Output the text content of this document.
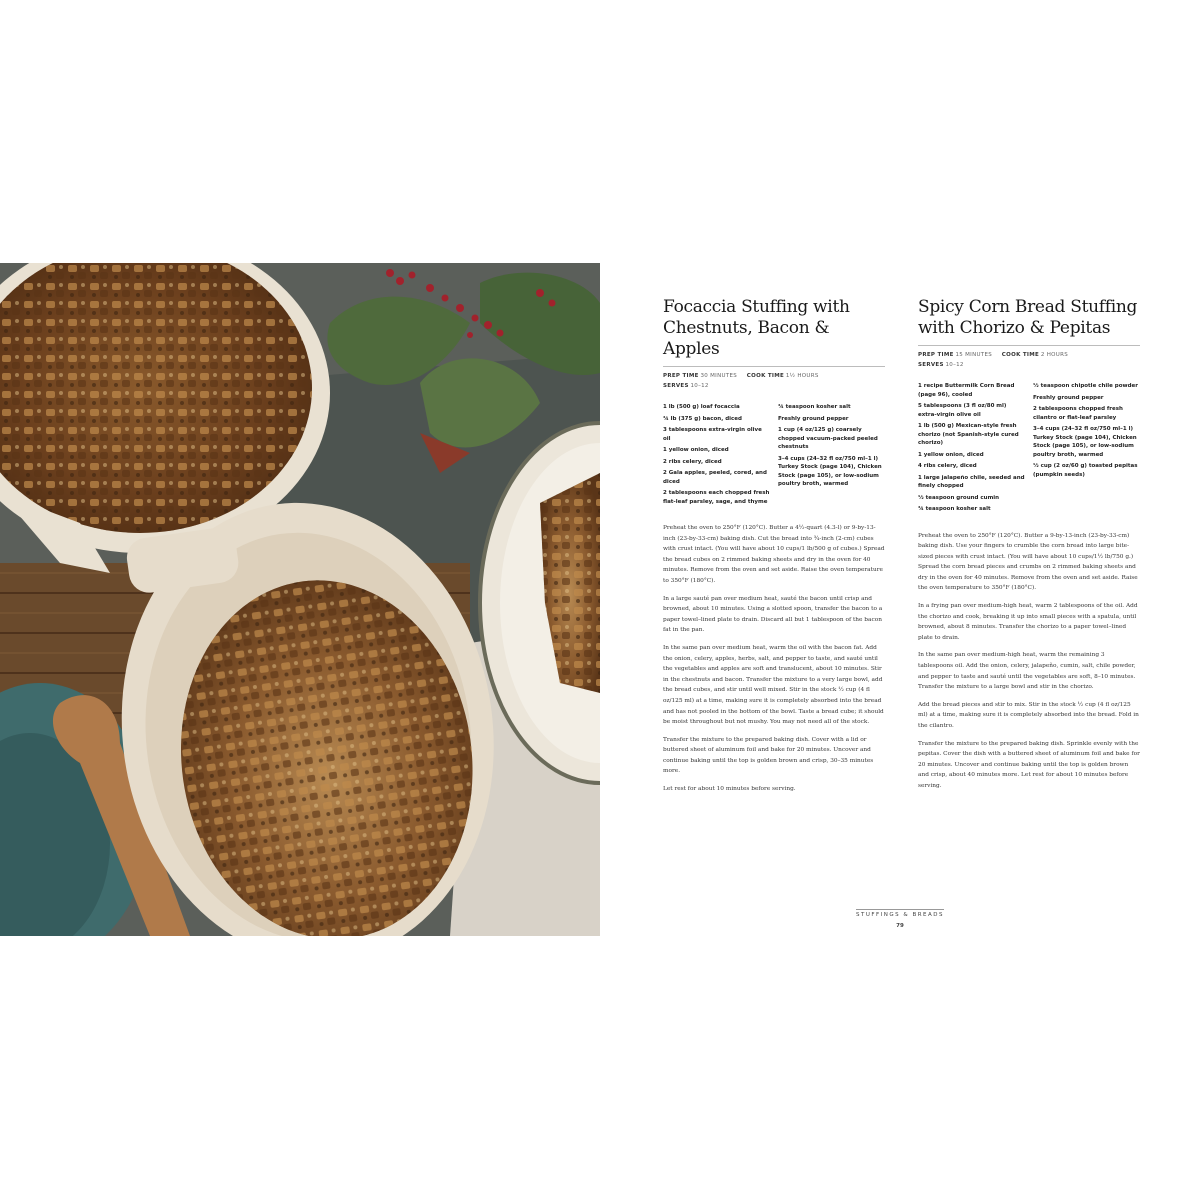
Focaccia Stuffing with Chestnuts, Bacon & Apples
PREP TIME 30 MINUTES COOK TIME 1½ HOURS
SERVES 10–12
1 lb (500 g) loaf focaccia
¾ lb (375 g) bacon, diced
3 tablespoons extra-virgin olive oil
1 yellow onion, diced
2 ribs celery, diced
2 Gala apples, peeled, cored, and diced
2 tablespoons each chopped fresh flat-leaf parsley, sage, and thyme
¾ teaspoon kosher salt
Freshly ground pepper
1 cup (4 oz/125 g) coarsely chopped vacuum-packed peeled chestnuts
3–4 cups (24–32 fl oz/750 ml–1 l) Turkey Stock (page 104), Chicken Stock (page 105), or low-sodium poultry broth, warmed

Preheat the oven to 250°F (120°C). Butter a 4½-quart (4.3-l) or 9-by-13-inch (23-by-33-cm) baking dish. Cut the bread into ¾-inch (2-cm) cubes with crust intact. (You will have about 10 cups/1 lb/500 g of cubes.) Spread the bread cubes on 2 rimmed baking sheets and dry in the oven for 40 minutes. Remove from the oven and set aside. Raise the oven temperature to 350°F (180°C).

In a large sauté pan over medium heat, sauté the bacon until crisp and browned, about 10 minutes. Using a slotted spoon, transfer the bacon to a paper towel–lined plate to drain. Discard all but 1 tablespoon of the bacon fat in the pan.

In the same pan over medium heat, warm the oil with the bacon fat. Add the onion, celery, apples, herbs, salt, and pepper to taste, and sauté until the vegetables and apples are soft and translucent, about 10 minutes. Stir in the chestnuts and bacon. Transfer the mixture to a very large bowl, add the bread cubes, and stir until well mixed. Stir in the stock ½ cup (4 fl oz/125 ml) at a time, making sure it is completely absorbed into the bread and has not pooled in the bottom of the bowl. Taste a bread cube; it should be moist throughout but not mushy. You may not need all of the stock.

Transfer the mixture to the prepared baking dish. Cover with a lid or buttered sheet of aluminum foil and bake for 20 minutes. Uncover and continue baking until the top is golden brown and crisp, 30–35 minutes more.

Let rest for about 10 minutes before serving.

Spicy Corn Bread Stuffing with Chorizo & Pepitas
PREP TIME 15 MINUTES COOK TIME 2 HOURS
SERVES 10–12
1 recipe Buttermilk Corn Bread (page 96), cooled
5 tablespoons (3 fl oz/80 ml) extra-virgin olive oil
1 lb (500 g) Mexican-style fresh chorizo (not Spanish-style cured chorizo)
1 yellow onion, diced
4 ribs celery, diced
1 large jalapeño chile, seeded and finely chopped
½ teaspoon ground cumin
¾ teaspoon kosher salt
½ teaspoon chipotle chile powder
Freshly ground pepper
2 tablespoons chopped fresh cilantro or flat-leaf parsley
3–4 cups (24–32 fl oz/750 ml–1 l) Turkey Stock (page 104), Chicken Stock (page 105), or low-sodium poultry broth, warmed
½ cup (2 oz/60 g) toasted pepitas (pumpkin seeds)

Preheat the oven to 250°F (120°C). Butter a 9-by-13-inch (23-by-33-cm) baking dish. Use your fingers to crumble the corn bread into large bite-sized pieces with crust intact. (You will have about 10 cups/1½ lb/750 g.) Spread the corn bread pieces and crumbs on 2 rimmed baking sheets and dry in the oven for 40 minutes. Remove from the oven and set aside. Raise the oven temperature to 350°F (180°C).

In a frying pan over medium-high heat, warm 2 tablespoons of the oil. Add the chorizo and cook, breaking it up into small pieces with a spatula, until browned, about 8 minutes. Transfer the chorizo to a paper towel–lined plate to drain.

In the same pan over medium-high heat, warm the remaining 3 tablespoons oil. Add the onion, celery, jalapeño, cumin, salt, chile powder, and pepper to taste and sauté until the vegetables are soft, 8–10 minutes. Transfer the mixture to a large bowl and stir in the chorizo.

Add the bread pieces and stir to mix. Stir in the stock ½ cup (4 fl oz/125 ml) at a time, making sure it is completely absorbed into the bread. Fold in the cilantro.

Transfer the mixture to the prepared baking dish. Sprinkle evenly with the pepitas. Cover the dish with a buttered sheet of aluminum foil and bake for 20 minutes. Uncover and continue baking until the top is golden brown and crisp, about 40 minutes more. Let rest for about 10 minutes before serving.

STUFFINGS & BREADS
79
